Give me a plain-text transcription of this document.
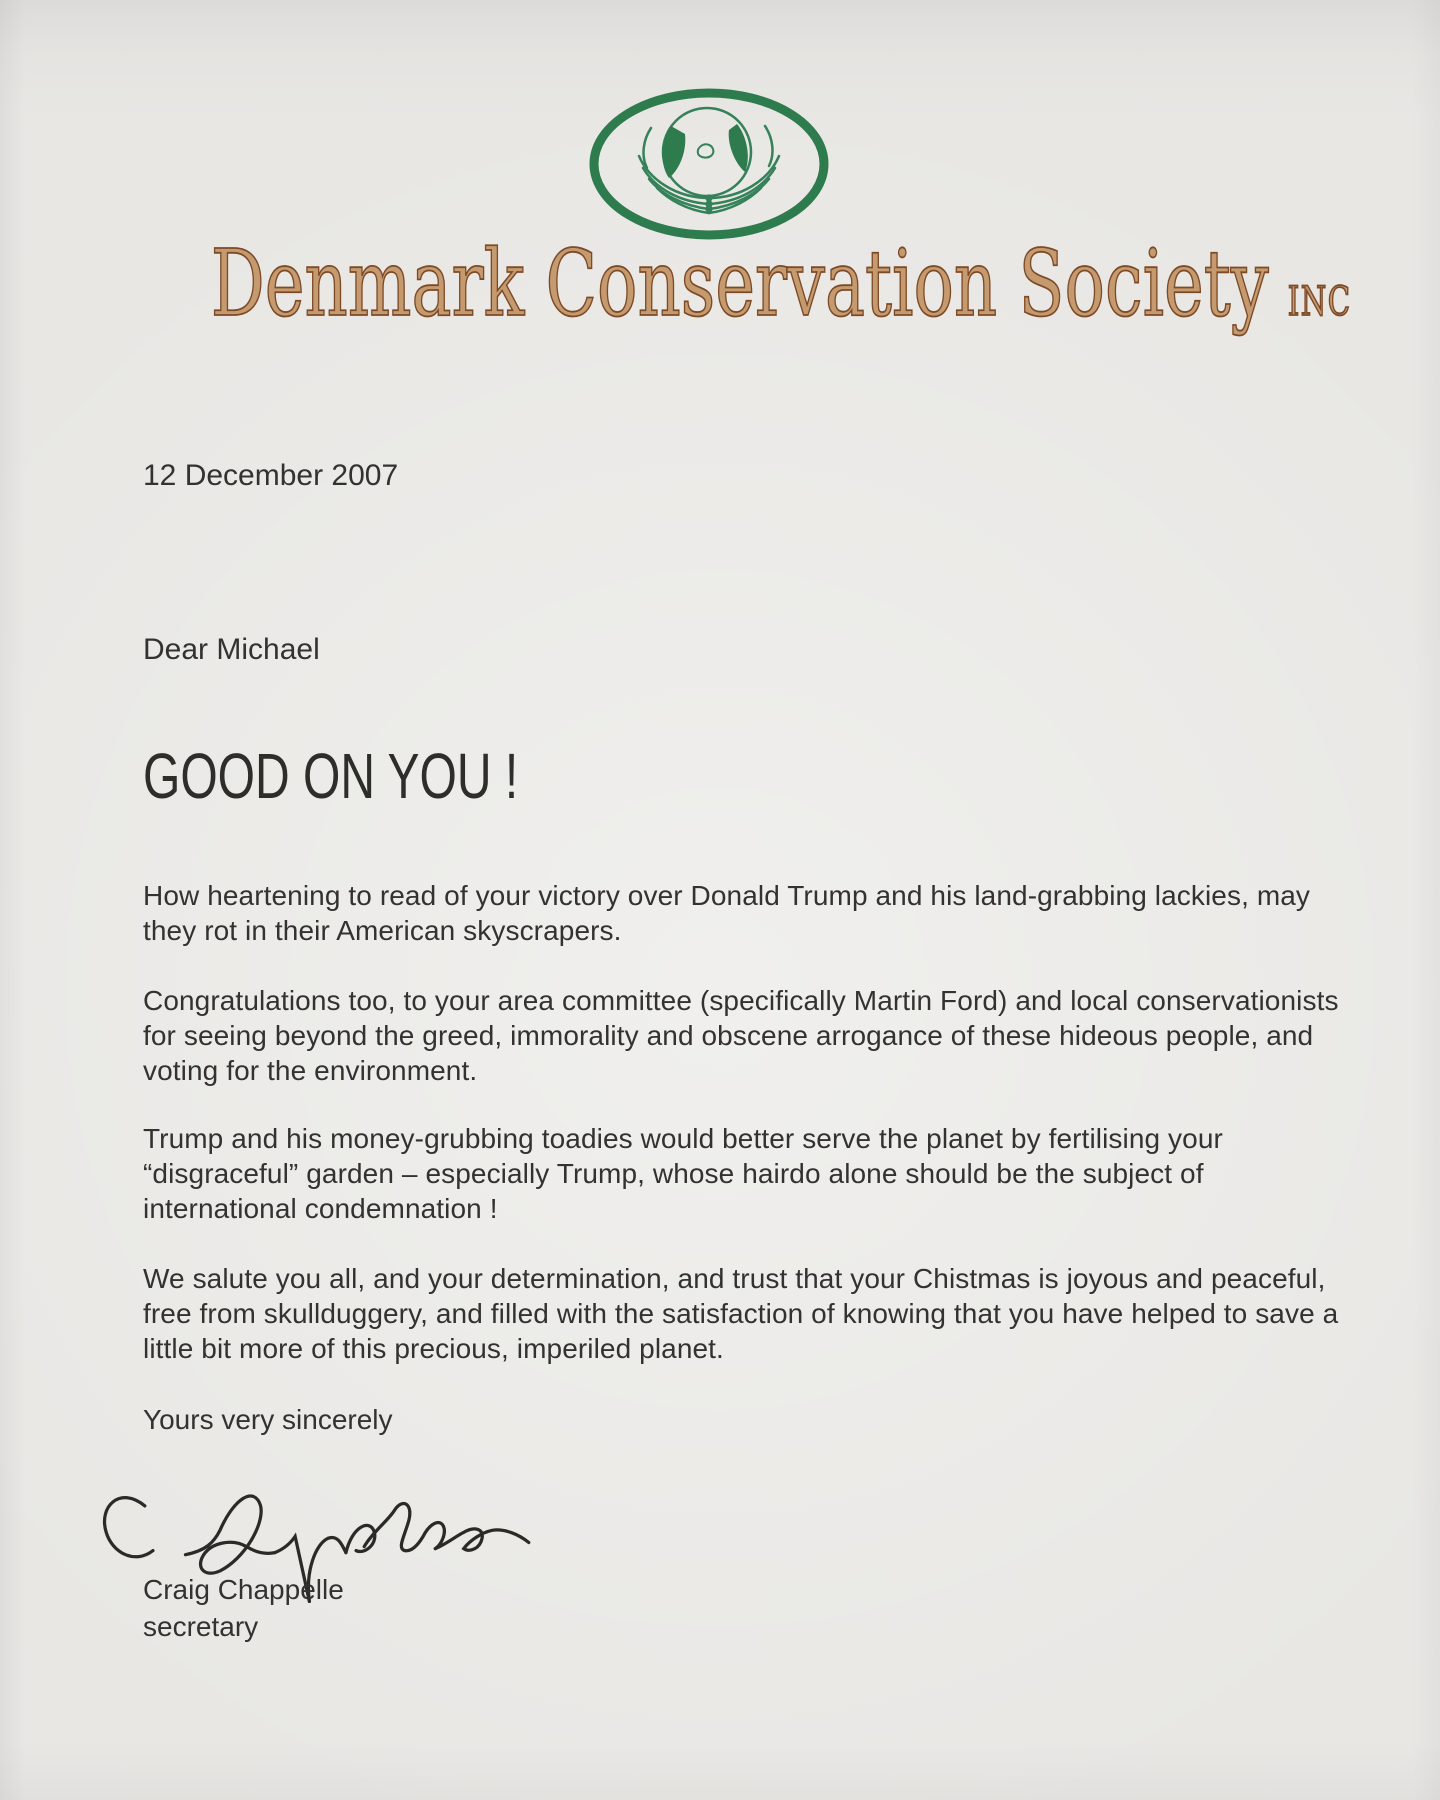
Denmark Conservation Society INC
12 December 2007
Dear Michael
GOOD ON YOU !

How heartening to read of your victory over Donald Trump and his land-grabbing lackies, may they rot in their American skyscrapers.

Congratulations too, to your area committee (specifically Martin Ford) and local conservationists for seeing beyond the greed, immorality and obscene arrogance of these hideous people, and voting for the environment.

Trump and his money-grubbing toadies would better serve the planet by fertilising your “disgraceful” garden – especially Trump, whose hairdo alone should be the subject of international condemnation !

We salute you all, and your determination, and trust that your Chistmas is joyous and peaceful, free from skullduggery, and filled with the satisfaction of knowing that you have helped to save a little bit more of this precious, imperiled planet.

Yours very sincerely
Craig Chappelle
secretary
